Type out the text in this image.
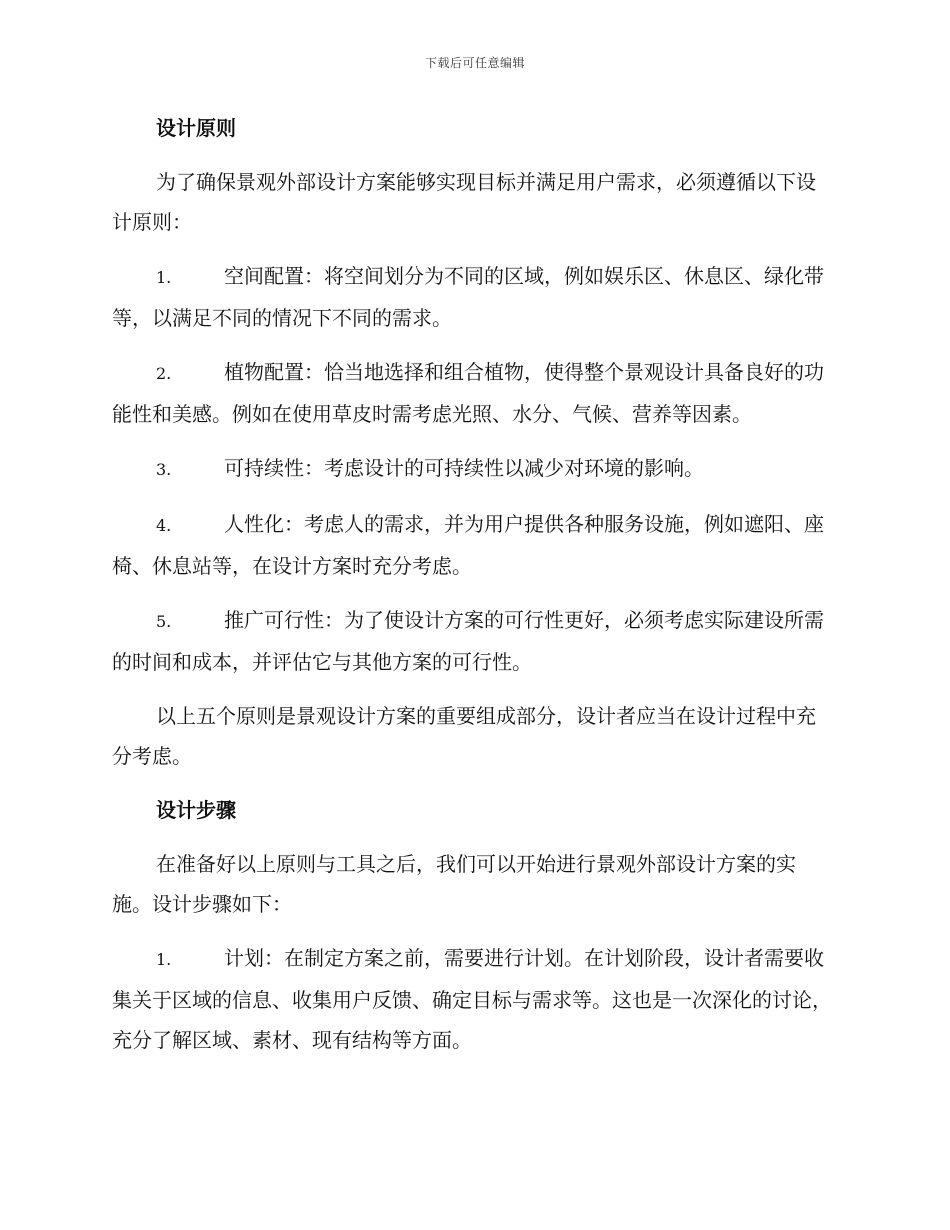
下载后可任意编辑
设计原则

为了确保景观外部设计方案能够实现目标并满足用户需求，必须遵循以下设计原则：

1.	空间配置：将空间划分为不同的区域，例如娱乐区、休息区、绿化带等，以满足不同的情况下不同的需求。

2.	植物配置：恰当地选择和组合植物，使得整个景观设计具备良好的功能性和美感。例如在使用草皮时需考虑光照、水分、气候、营养等因素。

3.	可持续性：考虑设计的可持续性以减少对环境的影响。

4.	人性化：考虑人的需求，并为用户提供各种服务设施，例如遮阳、座椅、休息站等，在设计方案时充分考虑。

5.	推广可行性：为了使设计方案的可行性更好，必须考虑实际建设所需的时间和成本，并评估它与其他方案的可行性。

以上五个原则是景观设计方案的重要组成部分，设计者应当在设计过程中充分考虑。

设计步骤

在准备好以上原则与工具之后，我们可以开始进行景观外部设计方案的实施。设计步骤如下：

1.	计划：在制定方案之前，需要进行计划。在计划阶段，设计者需要收集关于区域的信息、收集用户反馈、确定目标与需求等。这也是一次深化的讨论，充分了解区域、素材、现有结构等方面。
